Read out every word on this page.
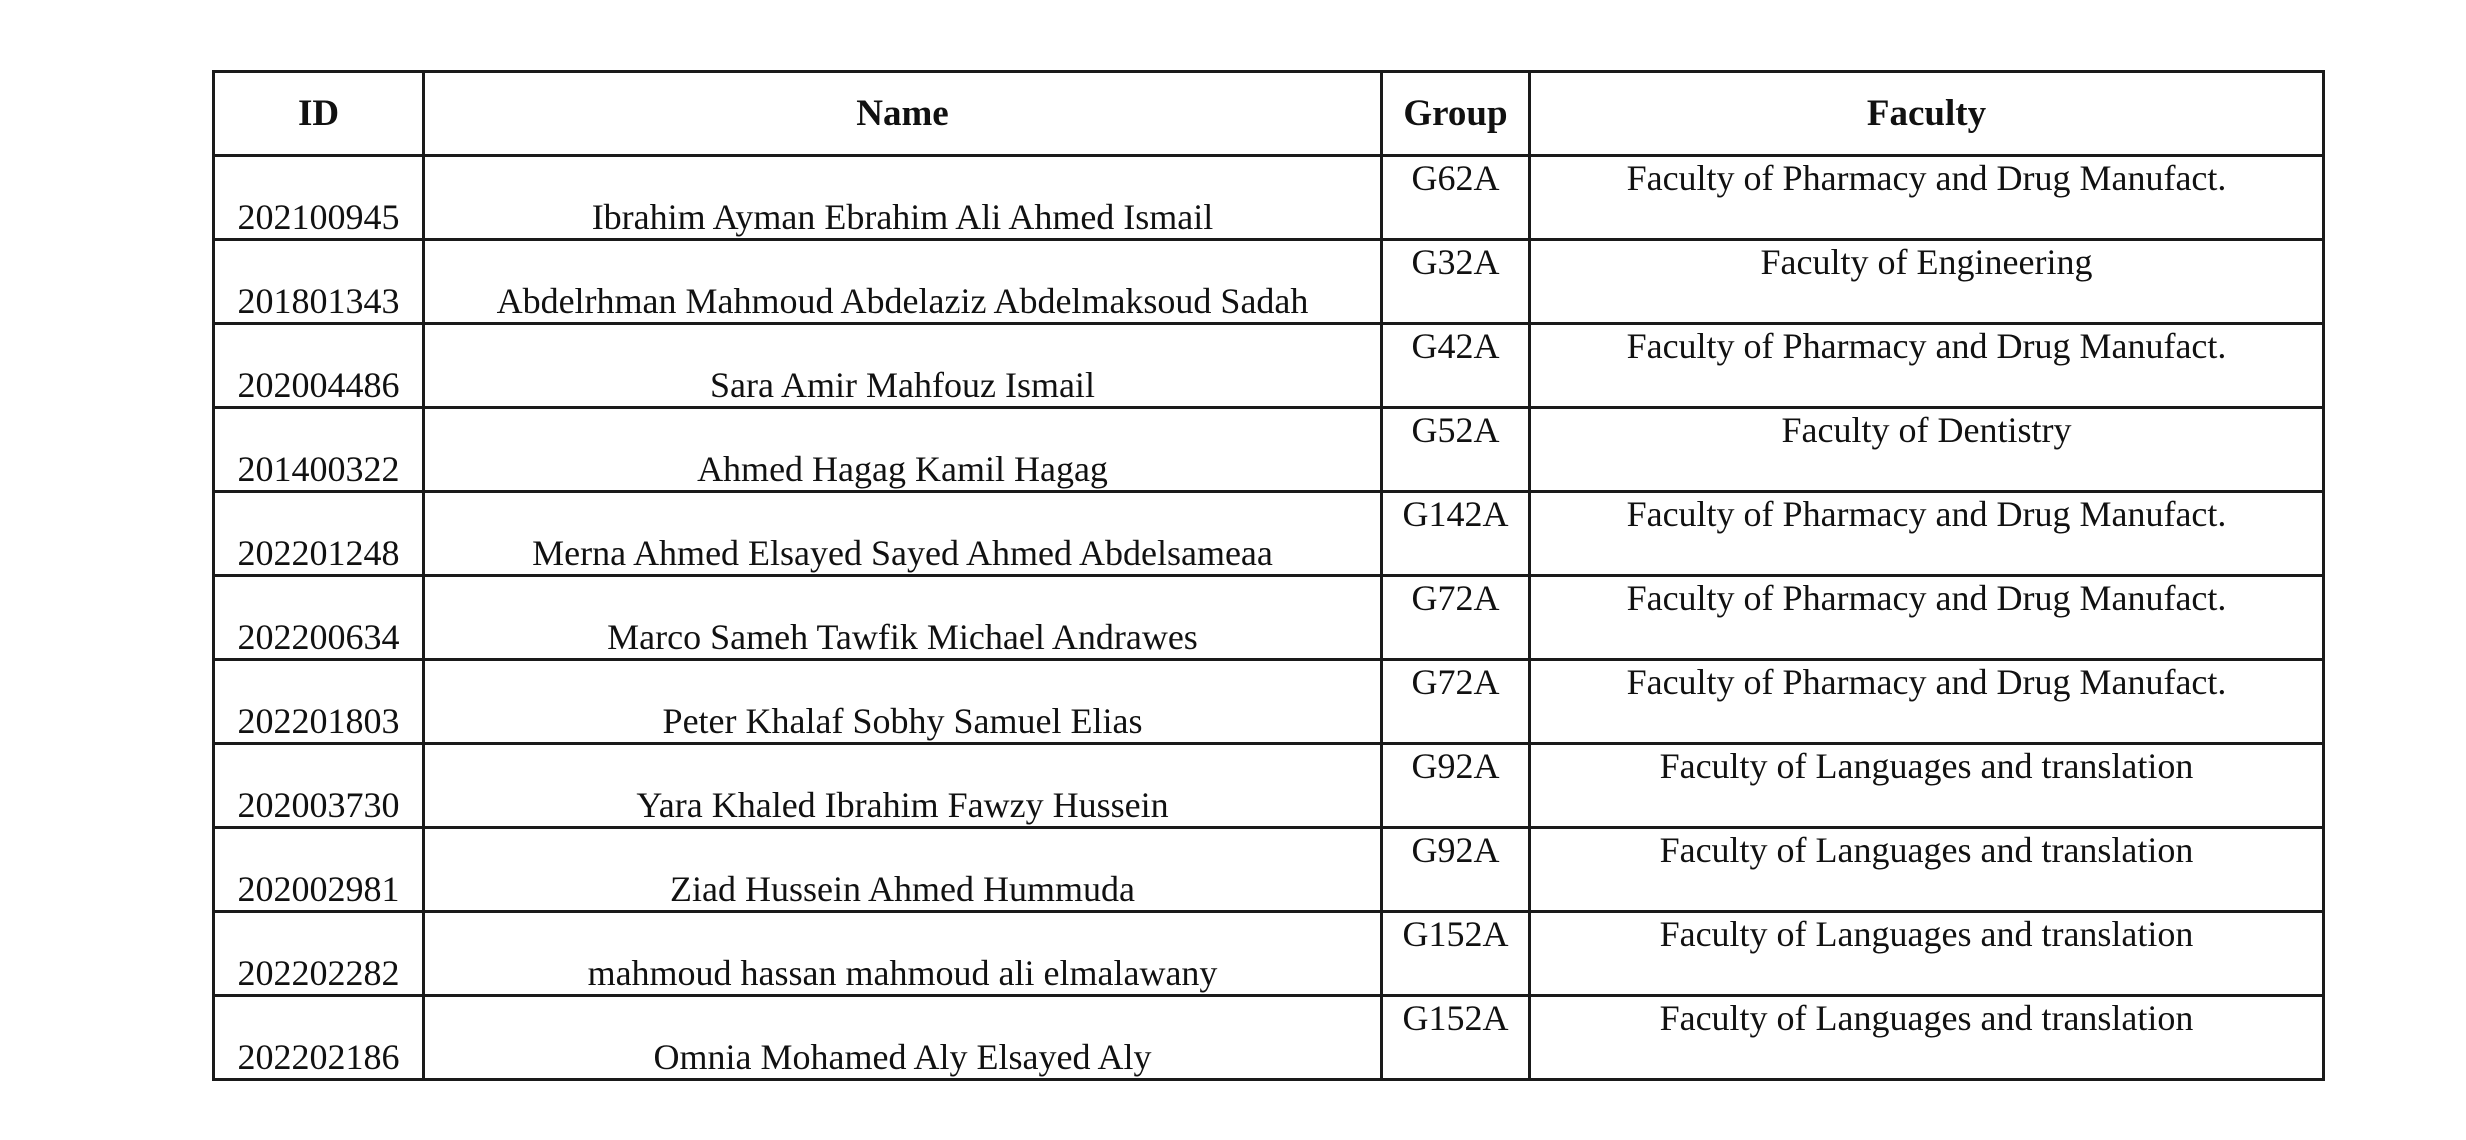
ID	Name	Group	Faculty
202100945	Ibrahim Ayman Ebrahim Ali Ahmed Ismail	G62A	Faculty of Pharmacy and Drug Manufact.
201801343	Abdelrhman Mahmoud Abdelaziz Abdelmaksoud Sadah	G32A	Faculty of Engineering
202004486	Sara Amir Mahfouz Ismail	G42A	Faculty of Pharmacy and Drug Manufact.
201400322	Ahmed Hagag Kamil Hagag	G52A	Faculty of Dentistry
202201248	Merna Ahmed Elsayed Sayed Ahmed Abdelsameaa	G142A	Faculty of Pharmacy and Drug Manufact.
202200634	Marco Sameh Tawfik Michael Andrawes	G72A	Faculty of Pharmacy and Drug Manufact.
202201803	Peter Khalaf Sobhy Samuel Elias	G72A	Faculty of Pharmacy and Drug Manufact.
202003730	Yara Khaled Ibrahim Fawzy Hussein	G92A	Faculty of Languages and translation
202002981	Ziad Hussein Ahmed Hummuda	G92A	Faculty of Languages and translation
202202282	mahmoud hassan mahmoud ali elmalawany	G152A	Faculty of Languages and translation
202202186	Omnia Mohamed Aly Elsayed Aly	G152A	Faculty of Languages and translation
